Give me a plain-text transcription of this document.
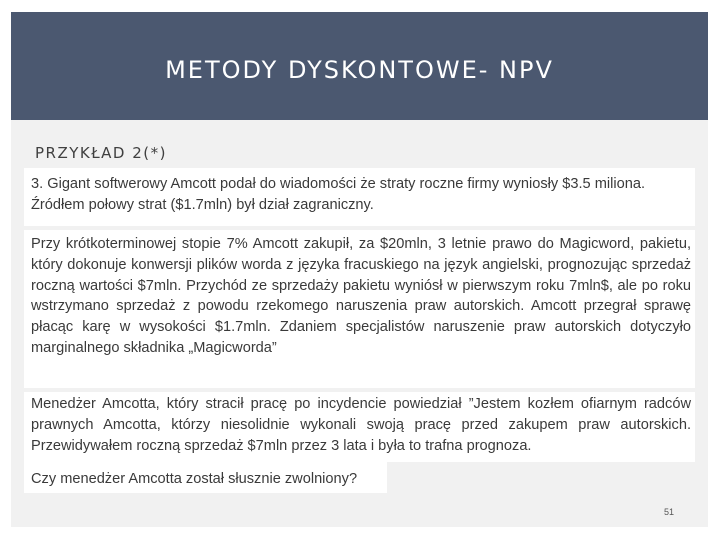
METODY DYSKONTOWE- NPV
PRZYKŁAD 2(*)
3. Gigant softwerowy Amcott podał do wiadomości że straty roczne firmy wyniosły $3.5 miliona. Źródłem połowy strat ($1.7mln) był dział zagraniczny.
Przy krótkoterminowej stopie 7% Amcott zakupił, za $20mln, 3 letnie prawo do Magicword, pakietu, który dokonuje konwersji plików worda z języka fracuskiego na język angielski, prognozując sprzedaż roczną wartości $7mln. Przychód ze sprzedaży pakietu wyniósł w pierwszym roku 7mln$, ale po roku wstrzymano sprzedaż z powodu rzekomego naruszenia praw autorskich. Amcott przegrał sprawę płacąc karę w wysokości $1.7mln. Zdaniem specjalistów naruszenie praw autorskich dotyczyło marginalnego składnika „Magicworda”
Menedżer Amcotta, który stracił pracę po incydencie powiedział ”Jestem kozłem ofiarnym radców prawnych Amcotta, którzy niesolidnie wykonali swoją pracę przed zakupem praw autorskich. Przewidywałem roczną sprzedaż $7mln przez 3 lata i była to trafna prognoza.
Czy menedżer Amcotta został słusznie zwolniony?
51
